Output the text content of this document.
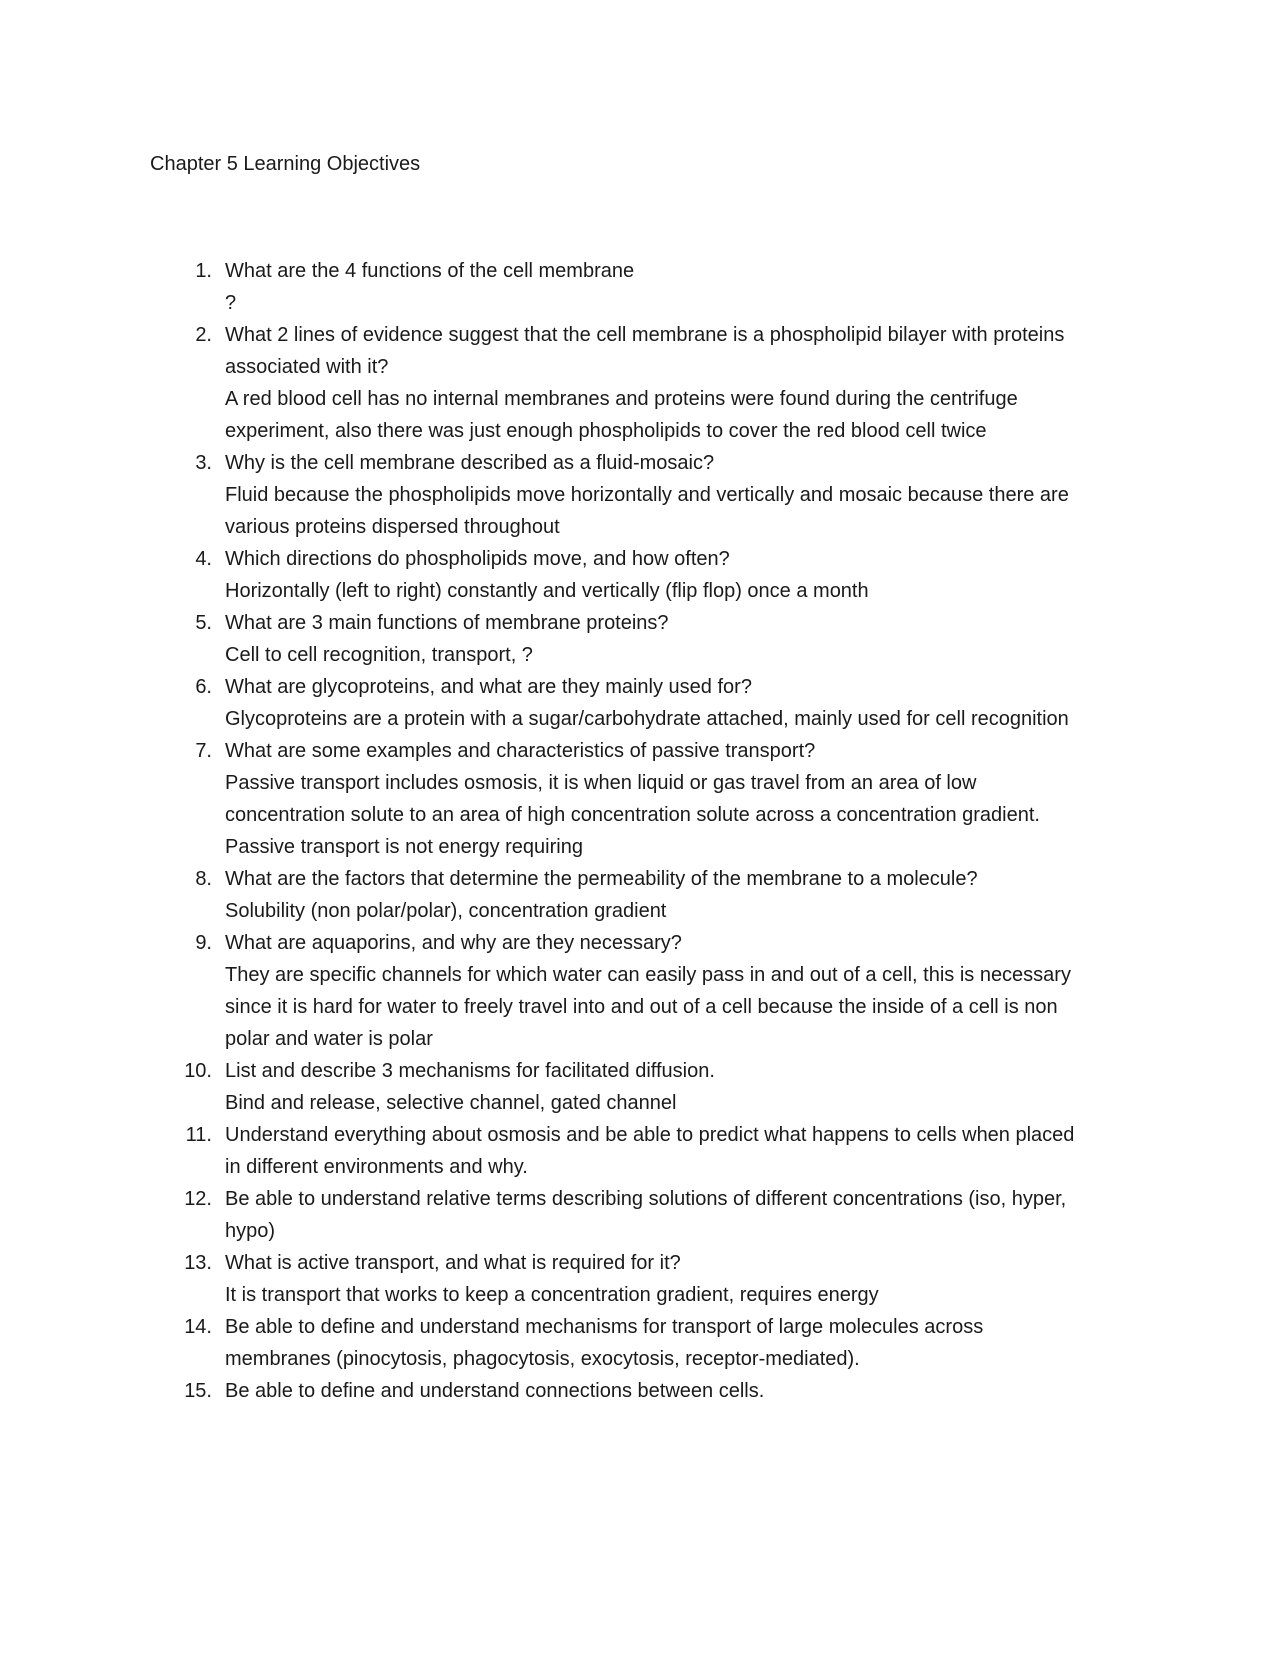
Chapter 5 Learning Objectives
1. What are the 4 functions of the cell membrane
?
2. What 2 lines of evidence suggest that the cell membrane is a phospholipid bilayer with proteins
associated with it?
A red blood cell has no internal membranes and proteins were found during the centrifuge
experiment, also there was just enough phospholipids to cover the red blood cell twice
3. Why is the cell membrane described as a fluid-mosaic?
Fluid because the phospholipids move horizontally and vertically and mosaic because there are
various proteins dispersed throughout
4. Which directions do phospholipids move, and how often?
Horizontally (left to right) constantly and vertically (flip flop) once a month
5. What are 3 main functions of membrane proteins?
Cell to cell recognition, transport, ?
6. What are glycoproteins, and what are they mainly used for?
Glycoproteins are a protein with a sugar/carbohydrate attached, mainly used for cell recognition
7. What are some examples and characteristics of passive transport?
Passive transport includes osmosis, it is when liquid or gas travel from an area of low
concentration solute to an area of high concentration solute across a concentration gradient.
Passive transport is not energy requiring
8. What are the factors that determine the permeability of the membrane to a molecule?
Solubility (non polar/polar), concentration gradient
9. What are aquaporins, and why are they necessary?
They are specific channels for which water can easily pass in and out of a cell, this is necessary
since it is hard for water to freely travel into and out of a cell because the inside of a cell is non
polar and water is polar
10. List and describe 3 mechanisms for facilitated diffusion.
Bind and release, selective channel, gated channel
11. Understand everything about osmosis and be able to predict what happens to cells when placed
in different environments and why.
12. Be able to understand relative terms describing solutions of different concentrations (iso, hyper,
hypo)
13. What is active transport, and what is required for it?
It is transport that works to keep a concentration gradient, requires energy
14. Be able to define and understand mechanisms for transport of large molecules across
membranes (pinocytosis, phagocytosis, exocytosis, receptor-mediated).
15. Be able to define and understand connections between cells.
